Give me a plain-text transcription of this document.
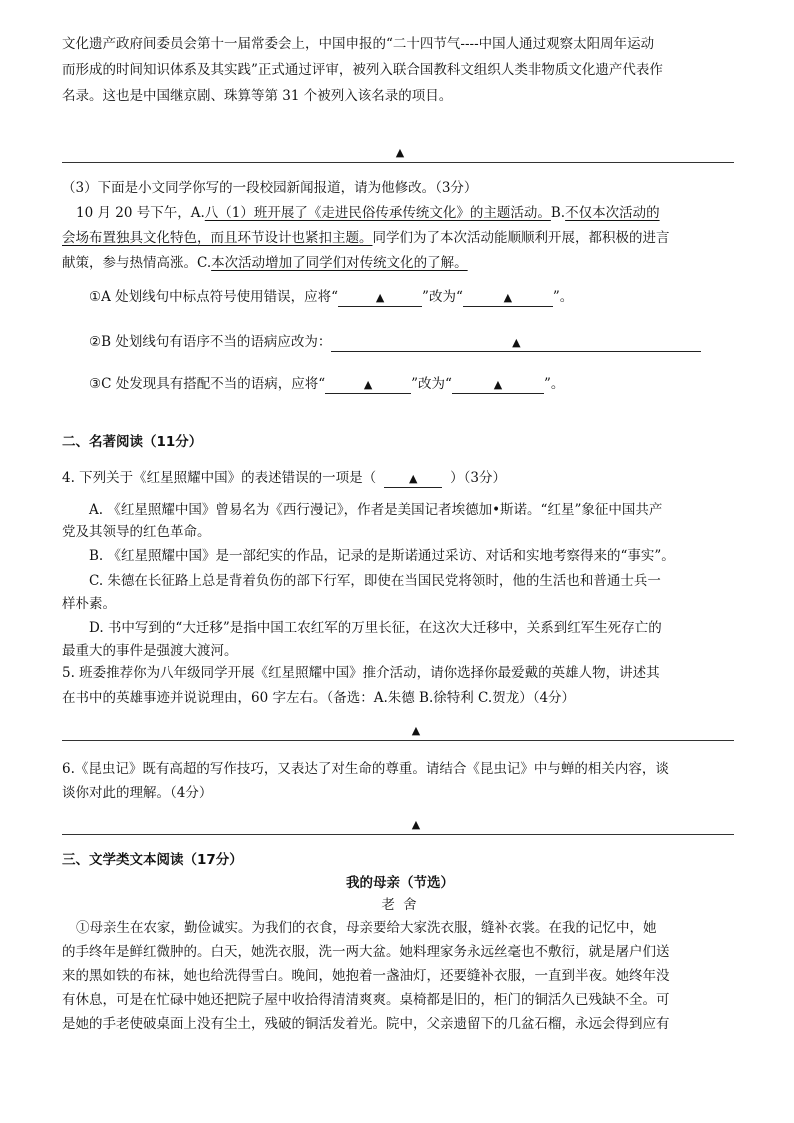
文化遗产政府间委员会第十一届常委会上，中国申报的“二十四节气----中国人通过观察太阳周年运动
而形成的时间知识体系及其实践”正式通过评审，被列入联合国教科文组织人类非物质文化遗产代表作
名录。这也是中国继京剧、珠算等第 31 个被列入该名录的项目。
▲
（3）下面是小文同学你写的一段校园新闻报道，请为他修改。（3分）
10 月 20 号下午，A.八（1）班开展了《走进民俗传承传统文化》的主题活动。B.不仅本次活动的
会场布置独具文化特色，而且环节设计也紧扣主题。同学们为了本次活动能顺顺利开展，都积极的进言
献策，参与热情高涨。C.本次活动增加了同学们对传统文化的了解。
①A 处划线句中标点符号使用错误，应将“	▲	”改为“	▲	”。
②B 处划线句有语序不当的语病应改为：	▲
③C 处发现具有搭配不当的语病，应将“	▲	”改为“	▲	”。
二、名著阅读（11分）
4. 下列关于《红星照耀中国》的表述错误的一项是（	▲ ）（3分）
A. 《红星照耀中国》曾易名为《西行漫记》，作者是美国记者埃德加•斯诺。“红星”象征中国共产
党及其领导的红色革命。
B. 《红星照耀中国》是一部纪实的作品，记录的是斯诺通过采访、对话和实地考察得来的“事实”。
C. 朱德在长征路上总是背着负伤的部下行军，即使在当国民党将领时，他的生活也和普通士兵一
样朴素。
D. 书中写到的“大迁移”是指中国工农红军的万里长征，在这次大迁移中，关系到红军生死存亡的
最重大的事件是强渡大渡河。
5. 班委推荐你为八年级同学开展《红星照耀中国》推介活动，请你选择你最爱戴的英雄人物，讲述其
在书中的英雄事迹并说说理由，60 字左右。（备选：A.朱德 B.徐特利 C.贺龙）（4分）
▲
6.《昆虫记》既有高超的写作技巧，又表达了对生命的尊重。请结合《昆虫记》中与蝉的相关内容，谈
谈你对此的理解。（4分）
▲
三、文学类文本阅读（17分）
我的母亲（节选）
老 舍
①母亲生在农家，勤俭诚实。为我们的衣食，母亲要给大家洗衣服，缝补衣裳。在我的记忆中，她
的手终年是鲜红微肿的。白天，她洗衣服，洗一两大盆。她料理家务永远丝毫也不敷衍，就是屠户们送
来的黑如铁的布袜，她也给洗得雪白。晚间，她抱着一盏油灯，还要缝补衣服，一直到半夜。她终年没
有休息，可是在忙碌中她还把院子屋中收拾得清清爽爽。桌椅都是旧的，柜门的铜活久已残缺不全。可
是她的手老使破桌面上没有尘土，残破的铜活发着光。院中，父亲遗留下的几盆石榴，永远会得到应有
